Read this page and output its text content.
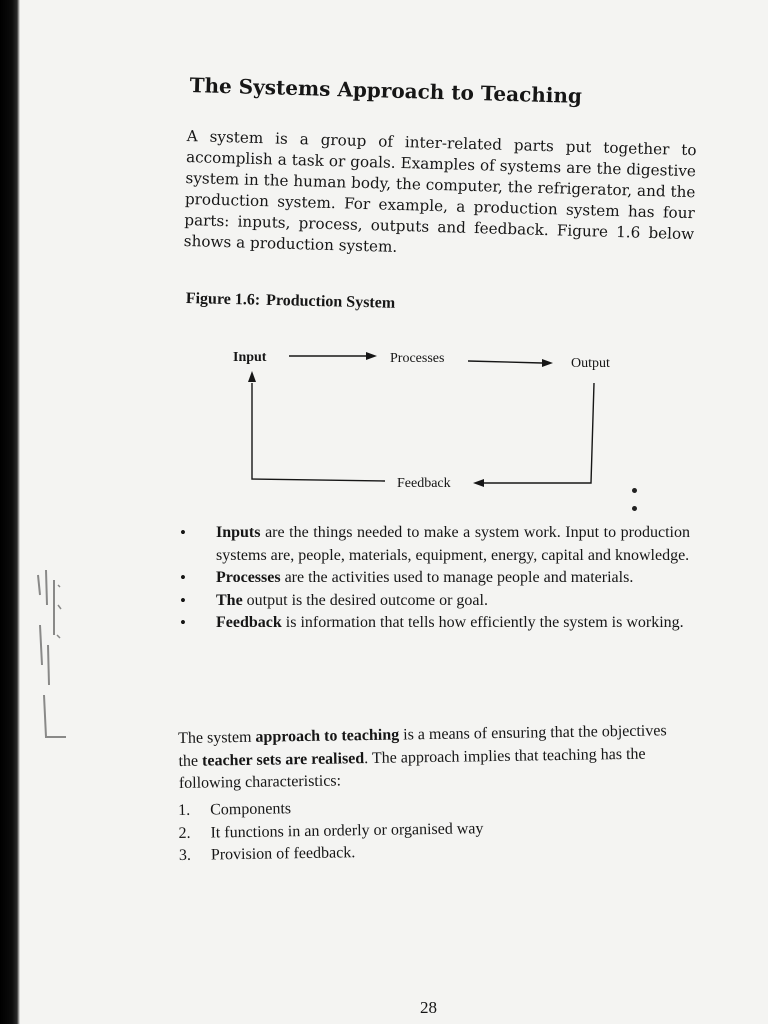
The Systems Approach to Teaching

A system is a group of inter-related parts put together to accomplish a task or goals. Examples of systems are the digestive system in the human body, the computer, the refrigerator, and the production system. For example, a production system has four parts: inputs, process, outputs and feedback. Figure 1.6 below shows a production system.

Figure 1.6: Production System
Input	Processes	Output
Feedback
• Inputs are the things needed to make a system work. Input to production systems are, people, materials, equipment, energy, capital and knowledge.
• Processes are the activities used to manage people and materials.
• The output is the desired outcome or goal.
• Feedback is information that tells how efficiently the system is working.

The system approach to teaching is a means of ensuring that the objectives the teacher sets are realised. The approach implies that teaching has the following characteristics:

1. Components
2. It functions in an orderly or organised way
3. Provision of feedback.
28
